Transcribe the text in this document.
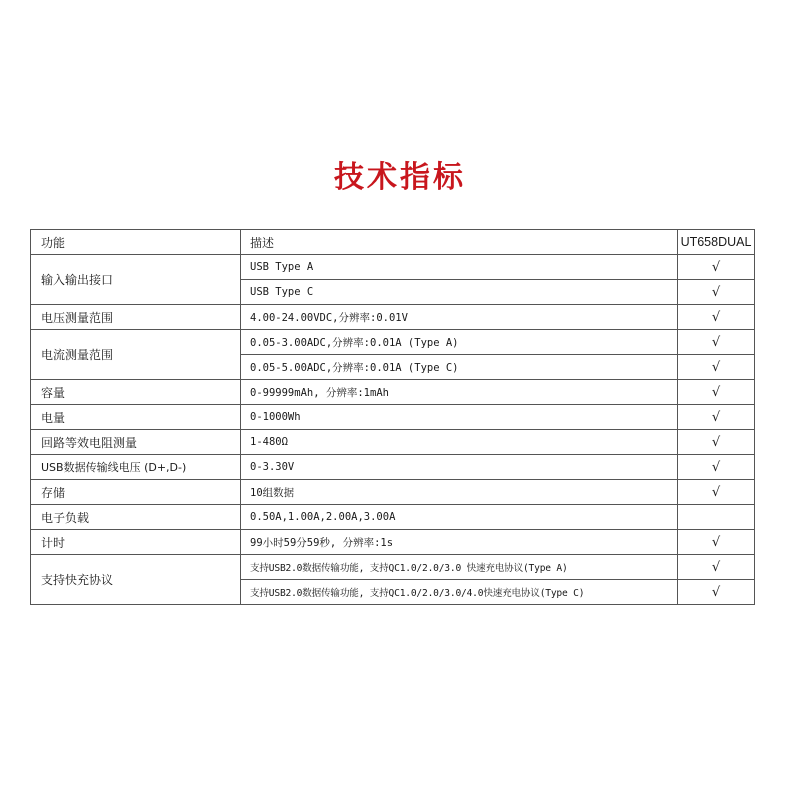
技术指标
功能	描述	UT658DUAL
输入输出接口	USB Type A	√
	USB Type C	√
电压测量范围	4.00-24.00VDC,分辨率:0.01V	√
电流测量范围	0.05-3.00ADC,分辨率:0.01A (Type A)	√
	0.05-5.00ADC,分辨率:0.01A (Type C)	√
容量	0-99999mAh, 分辨率:1mAh	√
电量	0-1000Wh	√
回路等效电阻测量	1-480Ω	√
USB数据传输线电压 (D+,D-)	0-3.30V	√
存储	10组数据	√
电子负载	0.50A,1.00A,2.00A,3.00A	
计时	99小时59分59秒, 分辨率:1s	√
支持快充协议	支持USB2.0数据传输功能, 支持QC1.0/2.0/3.0 快速充电协议(Type A)	√
	支持USB2.0数据传输功能, 支持QC1.0/2.0/3.0/4.0快速充电协议(Type C)	√
